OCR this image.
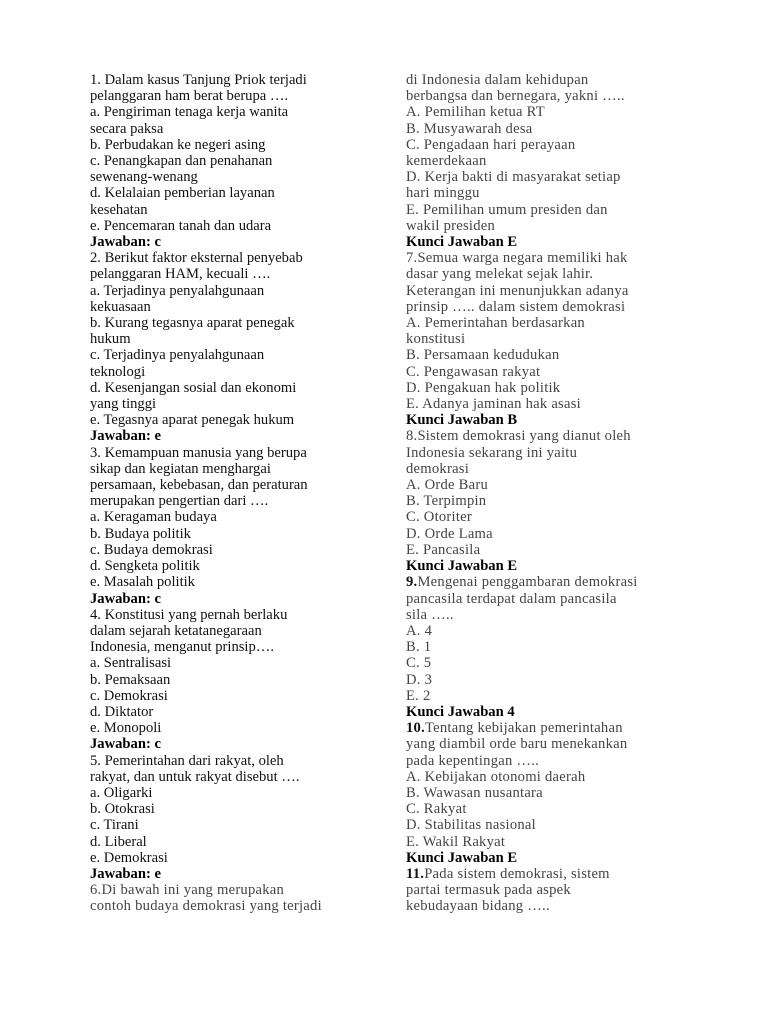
1. Dalam kasus Tanjung Priok terjadi
pelanggaran ham berat berupa ….
a. Pengiriman tenaga kerja wanita
secara paksa
b. Perbudakan ke negeri asing
c. Penangkapan dan penahanan
sewenang-wenang
d. Kelalaian pemberian layanan
kesehatan
e. Pencemaran tanah dan udara
Jawaban: c
2. Berikut faktor eksternal penyebab
pelanggaran HAM, kecuali ….
a. Terjadinya penyalahgunaan
kekuasaan
b. Kurang tegasnya aparat penegak
hukum
c. Terjadinya penyalahgunaan
teknologi
d. Kesenjangan sosial dan ekonomi
yang tinggi
e. Tegasnya aparat penegak hukum
Jawaban: e
3. Kemampuan manusia yang berupa
sikap dan kegiatan menghargai
persamaan, kebebasan, dan peraturan
merupakan pengertian dari ….
a. Keragaman budaya
b. Budaya politik
c. Budaya demokrasi
d. Sengketa politik
e. Masalah politik
Jawaban: c
4. Konstitusi yang pernah berlaku
dalam sejarah ketatanegaraan
Indonesia, menganut prinsip….
a. Sentralisasi
b. Pemaksaan
c. Demokrasi
d. Diktator
e. Monopoli
Jawaban: c
5. Pemerintahan dari rakyat, oleh
rakyat, dan untuk rakyat disebut ….
a. Oligarki
b. Otokrasi
c. Tirani
d. Liberal
e. Demokrasi
Jawaban: e
6.Di bawah ini yang merupakan
contoh budaya demokrasi yang terjadi
di Indonesia dalam kehidupan
berbangsa dan bernegara, yakni …..
A. Pemilihan ketua RT
B. Musyawarah desa
C. Pengadaan hari perayaan
kemerdekaan
D. Kerja bakti di masyarakat setiap
hari minggu
E. Pemilihan umum presiden dan
wakil presiden
Kunci Jawaban E
7.Semua warga negara memiliki hak
dasar yang melekat sejak lahir.
Keterangan ini menunjukkan adanya
prinsip ….. dalam sistem demokrasi
A. Pemerintahan berdasarkan
konstitusi
B. Persamaan kedudukan
C. Pengawasan rakyat
D. Pengakuan hak politik
E. Adanya jaminan hak asasi
Kunci Jawaban B
8.Sistem demokrasi yang dianut oleh
Indonesia sekarang ini yaitu
demokrasi
A. Orde Baru
B. Terpimpin
C. Otoriter
D. Orde Lama
E. Pancasila
Kunci Jawaban E
9.Mengenai penggambaran demokrasi
pancasila terdapat dalam pancasila
sila …..
A. 4
B. 1
C. 5
D. 3
E. 2
Kunci Jawaban 4
10.Tentang kebijakan pemerintahan
yang diambil orde baru menekankan
pada kepentingan …..
A. Kebijakan otonomi daerah
B. Wawasan nusantara
C. Rakyat
D. Stabilitas nasional
E. Wakil Rakyat
Kunci Jawaban E
11.Pada sistem demokrasi, sistem
partai termasuk pada aspek
kebudayaan bidang …..
